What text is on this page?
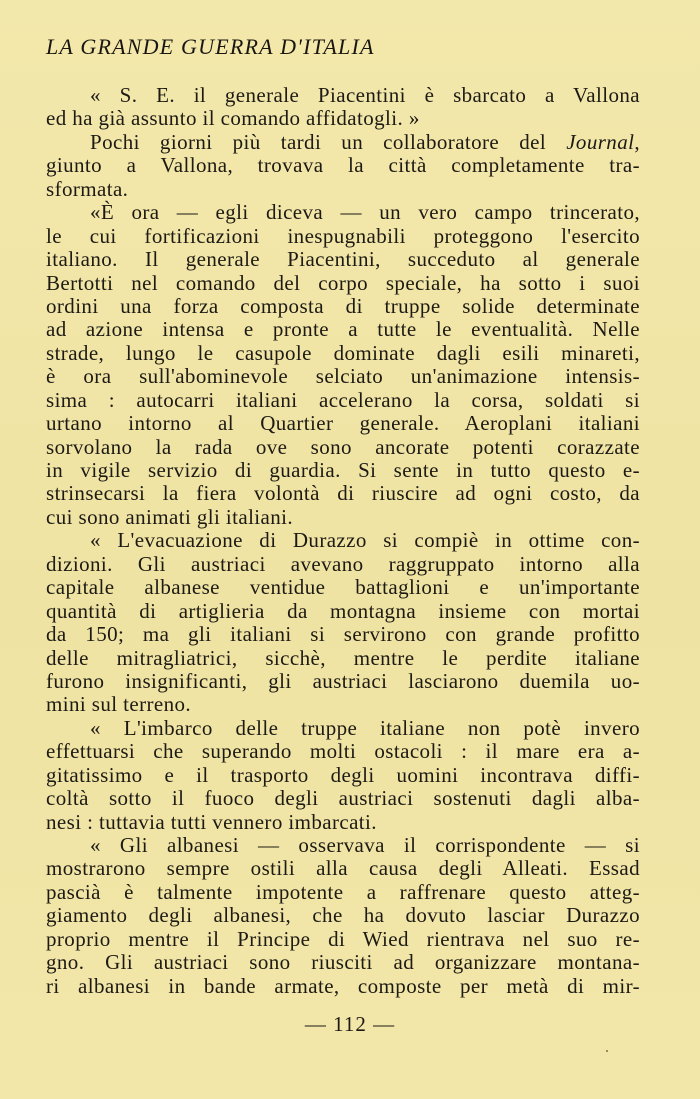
LA GRANDE GUERRA D'ITALIA
« S. E. il generale Piacentini è sbarcato a Vallona
ed ha già assunto il comando affidatogli. »
Pochi giorni più tardi un collaboratore del Journal,
giunto a Vallona, trovava la città completamente tra-
sformata.
«È ora — egli diceva — un vero campo trincerato,
le cui fortificazioni inespugnabili proteggono l'esercito
italiano. Il generale Piacentini, succeduto al generale
Bertotti nel comando del corpo speciale, ha sotto i suoi
ordini una forza composta di truppe solide determinate
ad azione intensa e pronte a tutte le eventualità. Nelle
strade, lungo le casupole dominate dagli esili minareti,
è ora sull'abominevole selciato un'animazione intensis-
sima : autocarri italiani accelerano la corsa, soldati si
urtano intorno al Quartier generale. Aeroplani italiani
sorvolano la rada ove sono ancorate potenti corazzate
in vigile servizio di guardia. Si sente in tutto questo e-
strinsecarsi la fiera volontà di riuscire ad ogni costo, da
cui sono animati gli italiani.
« L'evacuazione di Durazzo si compiè in ottime con-
dizioni. Gli austriaci avevano raggruppato intorno alla
capitale albanese ventidue battaglioni e un'importante
quantità di artiglieria da montagna insieme con mortai
da 150; ma gli italiani si servirono con grande profitto
delle mitragliatrici, sicchè, mentre le perdite italiane
furono insignificanti, gli austriaci lasciarono duemila uo-
mini sul terreno.
« L'imbarco delle truppe italiane non potè invero
effettuarsi che superando molti ostacoli : il mare era a-
gitatissimo e il trasporto degli uomini incontrava diffi-
coltà sotto il fuoco degli austriaci sostenuti dagli alba-
nesi : tuttavia tutti vennero imbarcati.
« Gli albanesi — osservava il corrispondente — si
mostrarono sempre ostili alla causa degli Alleati. Essad
pascià è talmente impotente a raffrenare questo atteg-
giamento degli albanesi, che ha dovuto lasciar Durazzo
proprio mentre il Principe di Wied rientrava nel suo re-
gno. Gli austriaci sono riusciti ad organizzare montana-
ri albanesi in bande armate, composte per metà di mir-
— 112 —
